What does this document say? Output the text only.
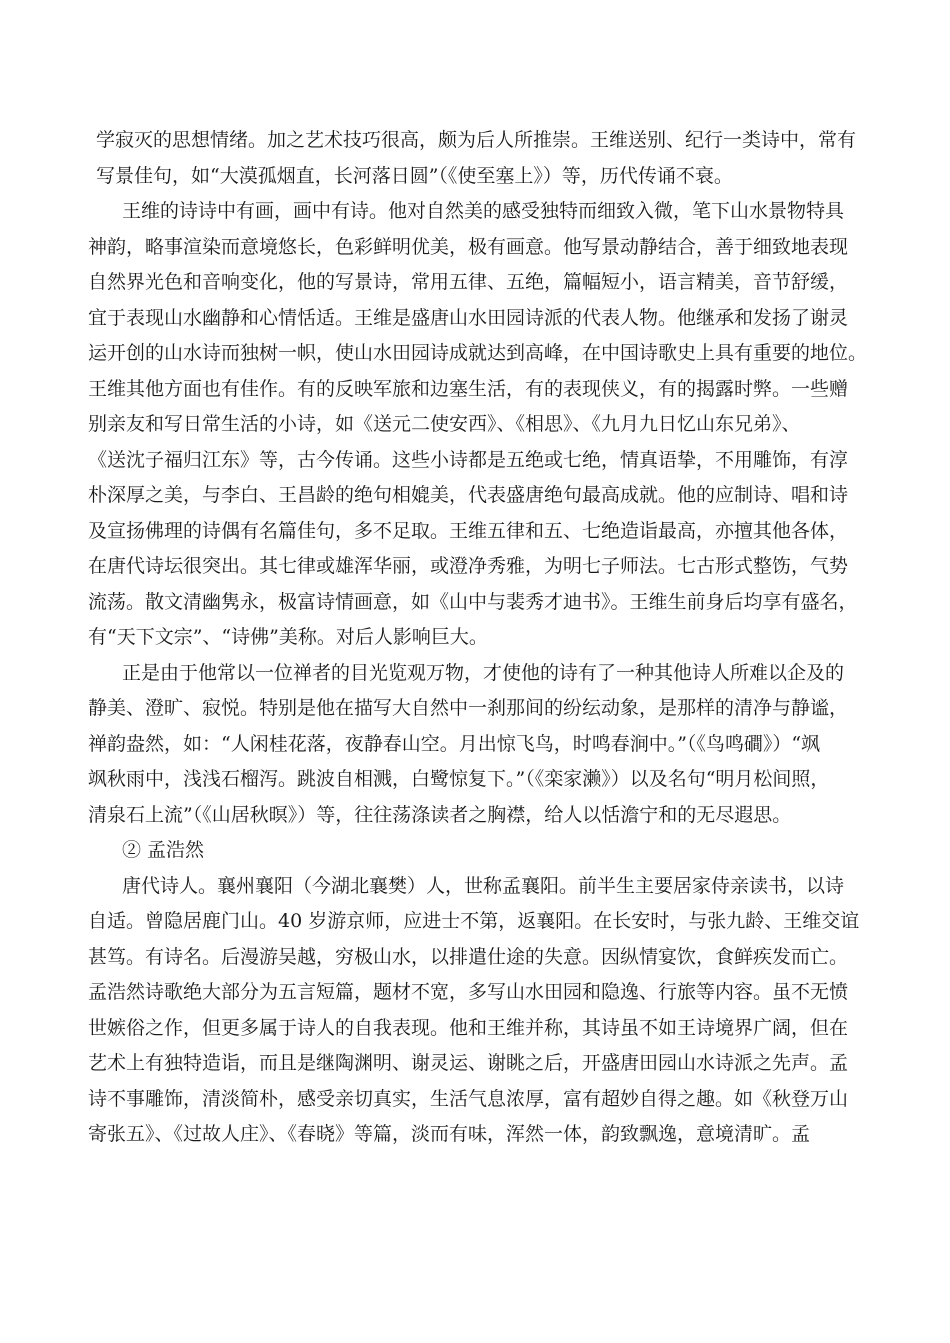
学寂灭的思想情绪。加之艺术技巧很高，颇为后人所推崇。王维送别、纪行一类诗中，常有
写景佳句，如“大漠孤烟直，长河落日圆”（《使至塞上》）等，历代传诵不衰。
王维的诗诗中有画，画中有诗。他对自然美的感受独特而细致入微，笔下山水景物特具
神韵，略事渲染而意境悠长，色彩鲜明优美，极有画意。他写景动静结合，善于细致地表现
自然界光色和音响变化，他的写景诗，常用五律、五绝，篇幅短小，语言精美，音节舒缓，
宜于表现山水幽静和心情恬适。王维是盛唐山水田园诗派的代表人物。他继承和发扬了谢灵
运开创的山水诗而独树一帜，使山水田园诗成就达到高峰，在中国诗歌史上具有重要的地位。
王维其他方面也有佳作。有的反映军旅和边塞生活，有的表现侠义，有的揭露时弊。一些赠
别亲友和写日常生活的小诗，如《送元二使安西》、《相思》、《九月九日忆山东兄弟》、
《送沈子福归江东》等，古今传诵。这些小诗都是五绝或七绝，情真语挚，不用雕饰，有淳
朴深厚之美，与李白、王昌龄的绝句相媲美，代表盛唐绝句最高成就。他的应制诗、唱和诗
及宣扬佛理的诗偶有名篇佳句，多不足取。王维五律和五、七绝造诣最高，亦擅其他各体，
在唐代诗坛很突出。其七律或雄浑华丽，或澄净秀雅，为明七子师法。七古形式整饬，气势
流荡。散文清幽隽永，极富诗情画意，如《山中与裴秀才迪书》。王维生前身后均享有盛名，
有“天下文宗”、“诗佛”美称。对后人影响巨大。
正是由于他常以一位禅者的目光览观万物，才使他的诗有了一种其他诗人所难以企及的
静美、澄旷、寂悦。特别是他在描写大自然中一刹那间的纷纭动象，是那样的清净与静谧，
禅韵盎然，如：“人闲桂花落，夜静春山空。月出惊飞鸟，时鸣春涧中。”（《鸟鸣磵》）“飒
飒秋雨中，浅浅石榴泻。跳波自相溅，白鹭惊复下。”（《栾家濑》）以及名句“明月松间照，
清泉石上流”（《山居秋暝》）等，往往荡涤读者之胸襟，给人以恬澹宁和的无尽遐思。
② 孟浩然
唐代诗人。襄州襄阳（今湖北襄樊）人，世称孟襄阳。前半生主要居家侍亲读书，以诗
自适。曾隐居鹿门山。40 岁游京师，应进士不第，返襄阳。在长安时，与张九龄、王维交谊
甚笃。有诗名。后漫游吴越，穷极山水，以排遣仕途的失意。因纵情宴饮，食鲜疾发而亡。
孟浩然诗歌绝大部分为五言短篇，题材不宽，多写山水田园和隐逸、行旅等内容。虽不无愤
世嫉俗之作，但更多属于诗人的自我表现。他和王维并称，其诗虽不如王诗境界广阔，但在
艺术上有独特造诣，而且是继陶渊明、谢灵运、谢眺之后，开盛唐田园山水诗派之先声。孟
诗不事雕饰，清淡简朴，感受亲切真实，生活气息浓厚，富有超妙自得之趣。如《秋登万山
寄张五》、《过故人庄》、《春晓》等篇，淡而有味，浑然一体，韵致飘逸，意境清旷。孟
